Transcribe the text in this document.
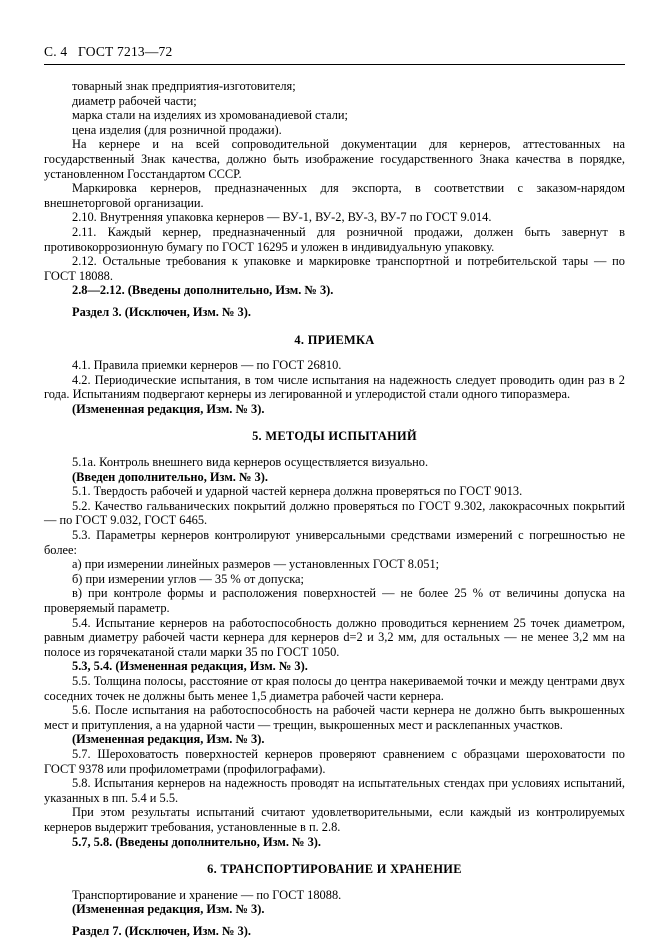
С. 4 ГОСТ 7213—72

товарный знак предприятия-изготовителя;

диаметр рабочей части;

марка стали на изделиях из хромованадиевой стали;

цена изделия (для розничной продажи).

На кернере и на всей сопроводительной документации для кернеров, аттестованных на государственный Знак качества, должно быть изображение государственного Знака качества в порядке, установленном Госстандартом СССР.

Маркировка кернеров, предназначенных для экспорта, в соответствии с заказом-нарядом внешнеторговой организации.

2.10. Внутренняя упаковка кернеров — ВУ-1, ВУ-2, ВУ-3, ВУ-7 по ГОСТ 9.014.

2.11. Каждый кернер, предназначенный для розничной продажи, должен быть завернут в противокоррозионную бумагу по ГОСТ 16295 и уложен в индивидуальную упаковку.

2.12. Остальные требования к упаковке и маркировке транспортной и потребительской тары — по ГОСТ 18088.

2.8—2.12. (Введены дополнительно, Изм. № 3).

Раздел 3. (Исключен, Изм. № 3).

4. ПРИЕМКА

4.1. Правила приемки кернеров — по ГОСТ 26810.

4.2. Периодические испытания, в том числе испытания на надежность следует проводить один раз в 2 года. Испытаниям подвергают кернеры из легированной и углеродистой стали одного типоразмера.

(Измененная редакция, Изм. № 3).

5. МЕТОДЫ ИСПЫТАНИЙ

5.1а. Контроль внешнего вида кернеров осуществляется визуально.

(Введен дополнительно, Изм. № 3).

5.1. Твердость рабочей и ударной частей кернера должна проверяться по ГОСТ 9013.

5.2. Качество гальванических покрытий должно проверяться по ГОСТ 9.302, лакокрасочных покрытий — по ГОСТ 9.032, ГОСТ 6465.

5.3. Параметры кернеров контролируют универсальными средствами измерений с погрешностью не более:

а) при измерении линейных размеров — установленных ГОСТ 8.051;

б) при измерении углов — 35 % от допуска;

в) при контроле формы и расположения поверхностей — не более 25 % от величины допуска на проверяемый параметр.

5.4. Испытание кернеров на работоспособность должно проводиться кернением 25 точек диаметром, равным диаметру рабочей части кернера для кернеров d=2 и 3,2 мм, для остальных — не менее 3,2 мм на полосе из горячекатаной стали марки 35 по ГОСТ 1050.

5.3, 5.4. (Измененная редакция, Изм. № 3).

5.5. Толщина полосы, расстояние от края полосы до центра накериваемой точки и между центрами двух соседних точек не должны быть менее 1,5 диаметра рабочей части кернера.

5.6. После испытания на работоспособность на рабочей части кернера не должно быть выкрошенных мест и притупления, а на ударной части — трещин, выкрошенных мест и расклепанных участков.

(Измененная редакция, Изм. № 3).

5.7. Шероховатость поверхностей кернеров проверяют сравнением с образцами шероховатости по ГОСТ 9378 или профилометрами (профилографами).

5.8. Испытания кернеров на надежность проводят на испытательных стендах при условиях испытаний, указанных в пп. 5.4 и 5.5.

При этом результаты испытаний считают удовлетворительными, если каждый из контролируемых кернеров выдержит требования, установленные в п. 2.8.

5.7, 5.8. (Введены дополнительно, Изм. № 3).

6. ТРАНСПОРТИРОВАНИЕ И ХРАНЕНИЕ

Транспортирование и хранение — по ГОСТ 18088.

(Измененная редакция, Изм. № 3).

Раздел 7. (Исключен, Изм. № 3).
